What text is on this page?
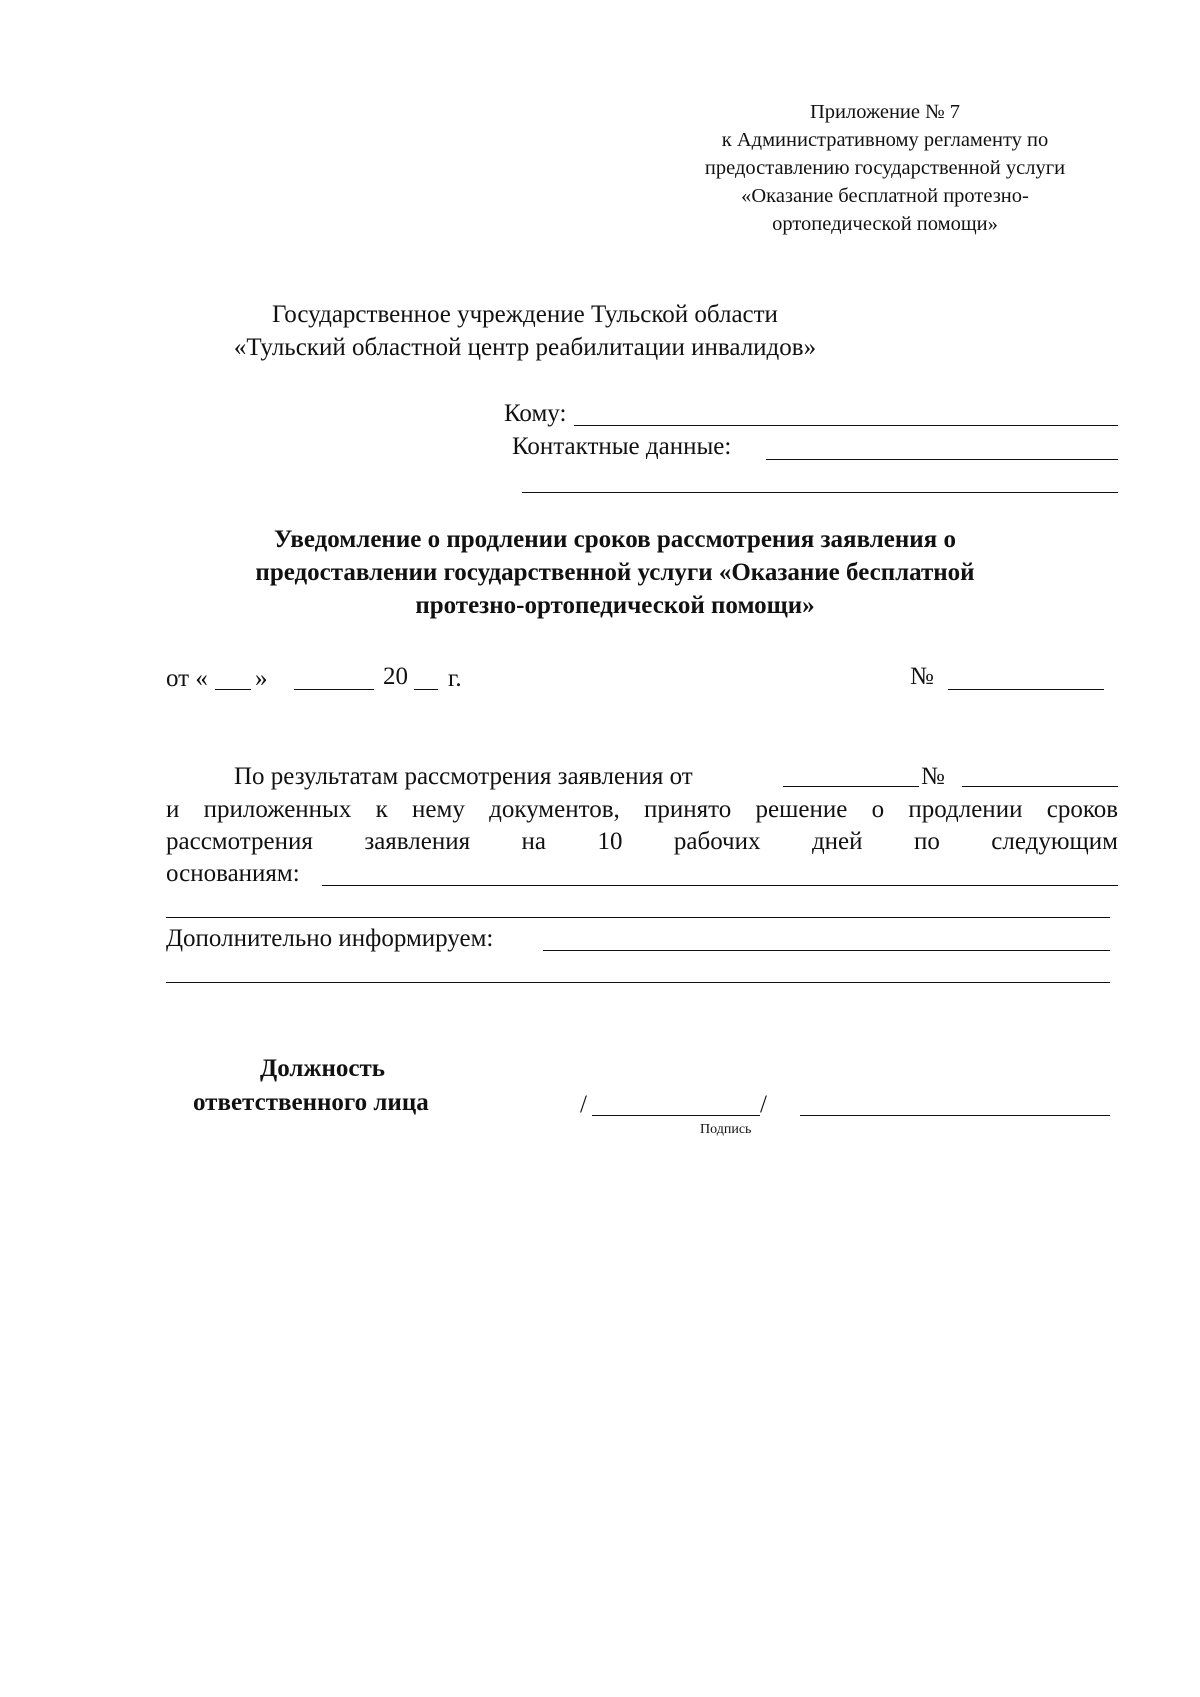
Приложение № 7
к Административному регламенту по
предоставлению государственной услуги
«Оказание бесплатной протезно-
ортопедической помощи»
Государственное учреждение Тульской области
«Тульский областной центр реабилитации инвалидов»
Кому:
Контактные данные:
Уведомление о продлении сроков рассмотрения заявления о
предоставлении государственной услуги «Оказание бесплатной
протезно-ортопедической помощи»
от « »	20 г.	№
По результатам рассмотрения заявления от	№
и приложенных к нему документов, принято решение о продлении сроков
рассмотрения заявления на 10 рабочих дней по следующим
основаниям:
Дополнительно информируем:
Должность
ответственного лица	/	/
Подпись
